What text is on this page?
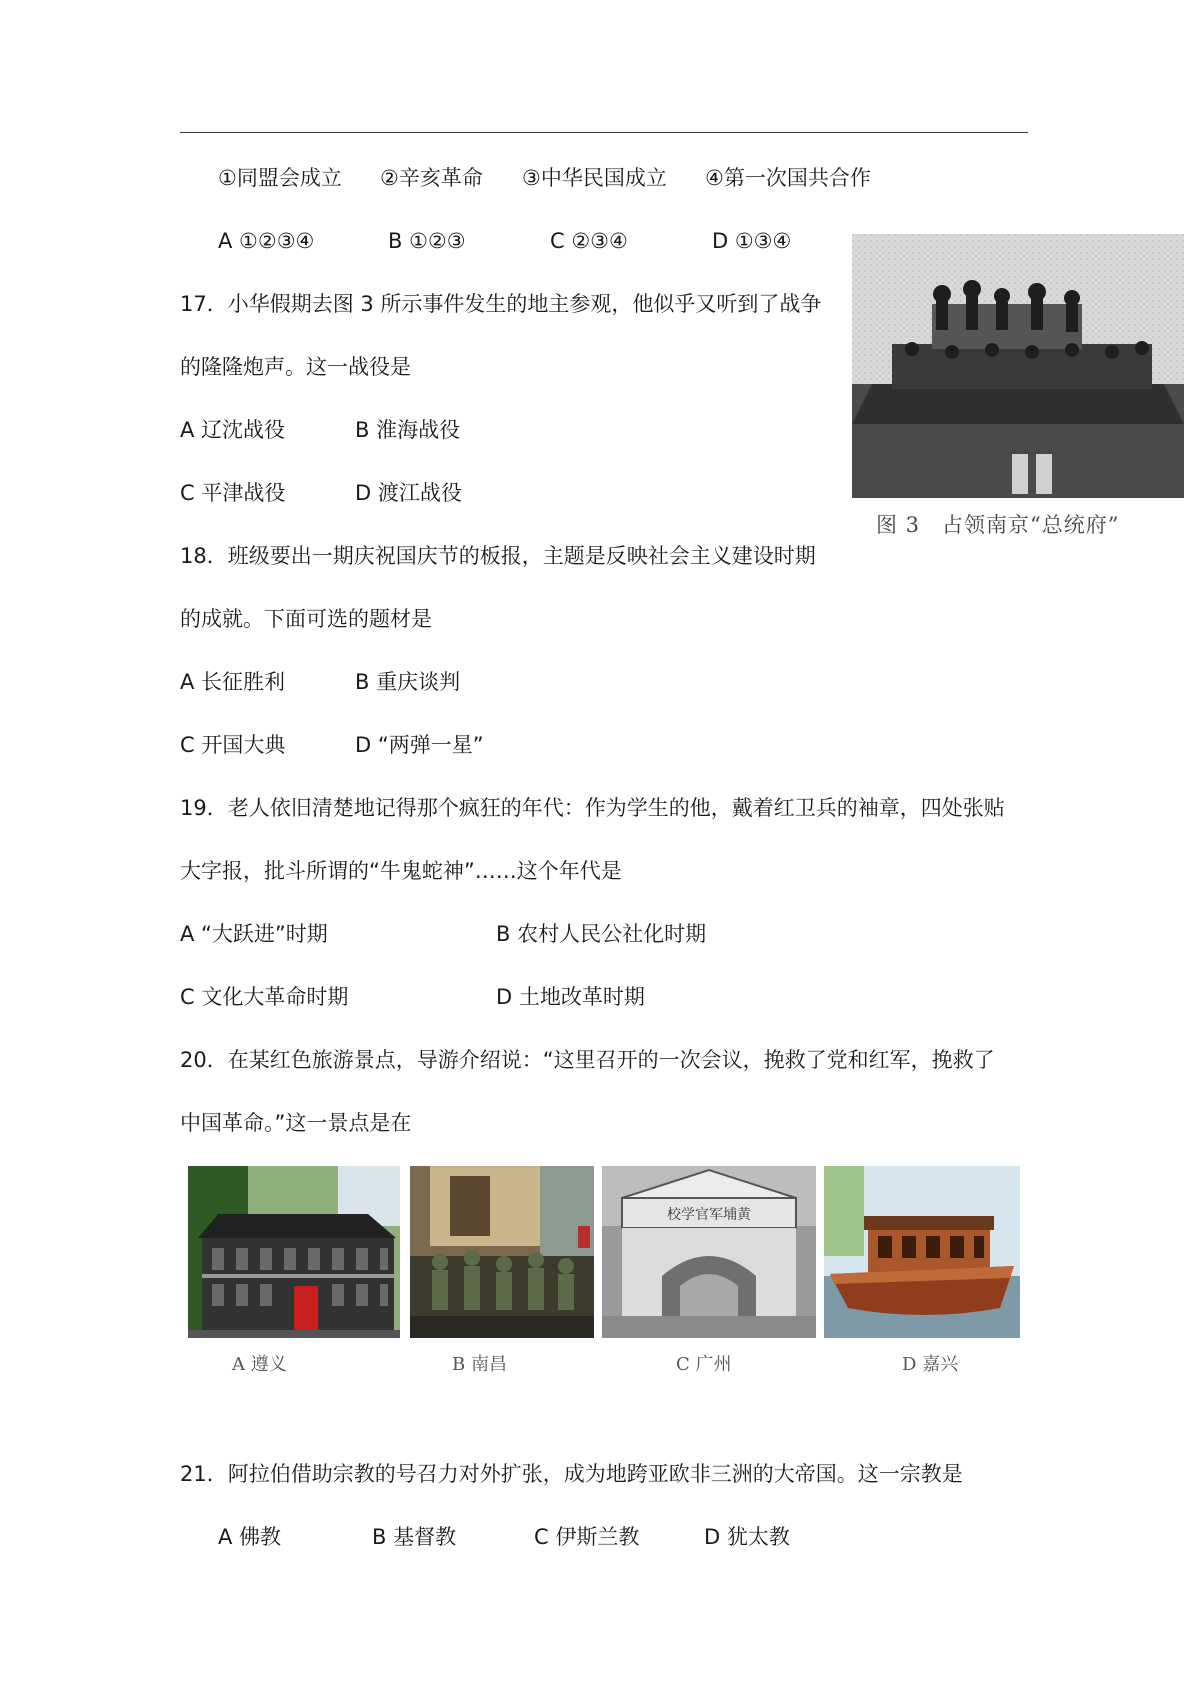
①同盟会成立 ②辛亥革命 ③中华民国成立 ④第一次国共合作
A ①②③④	B ①②③	C ②③④	D ①③④
17．小华假期去图 3 所示事件发生的地主参观，他似乎又听到了战争
的隆隆炮声。这一战役是
A 辽沈战役	B 淮海战役
C 平津战役	D 渡江战役
图 3　占领南京“总统府”
18．班级要出一期庆祝国庆节的板报，主题是反映社会主义建设时期
的成就。下面可选的题材是
A 长征胜利	B 重庆谈判
C 开国大典	D “两弹一星”
19．老人依旧清楚地记得那个疯狂的年代：作为学生的他，戴着红卫兵的袖章，四处张贴
大字报，批斗所谓的“牛鬼蛇神”……这个年代是
A “大跃进”时期	B 农村人民公社化时期
C 文化大革命时期	D 土地改革时期
20．在某红色旅游景点，导游介绍说：“这里召开的一次会议，挽救了党和红军，挽救了
中国革命。”这一景点是在
校学官军埔黄
A 遵义	B 南昌	C 广州	D 嘉兴
21．阿拉伯借助宗教的号召力对外扩张，成为地跨亚欧非三洲的大帝国。这一宗教是
A 佛教	B 基督教	C 伊斯兰教	D 犹太教
